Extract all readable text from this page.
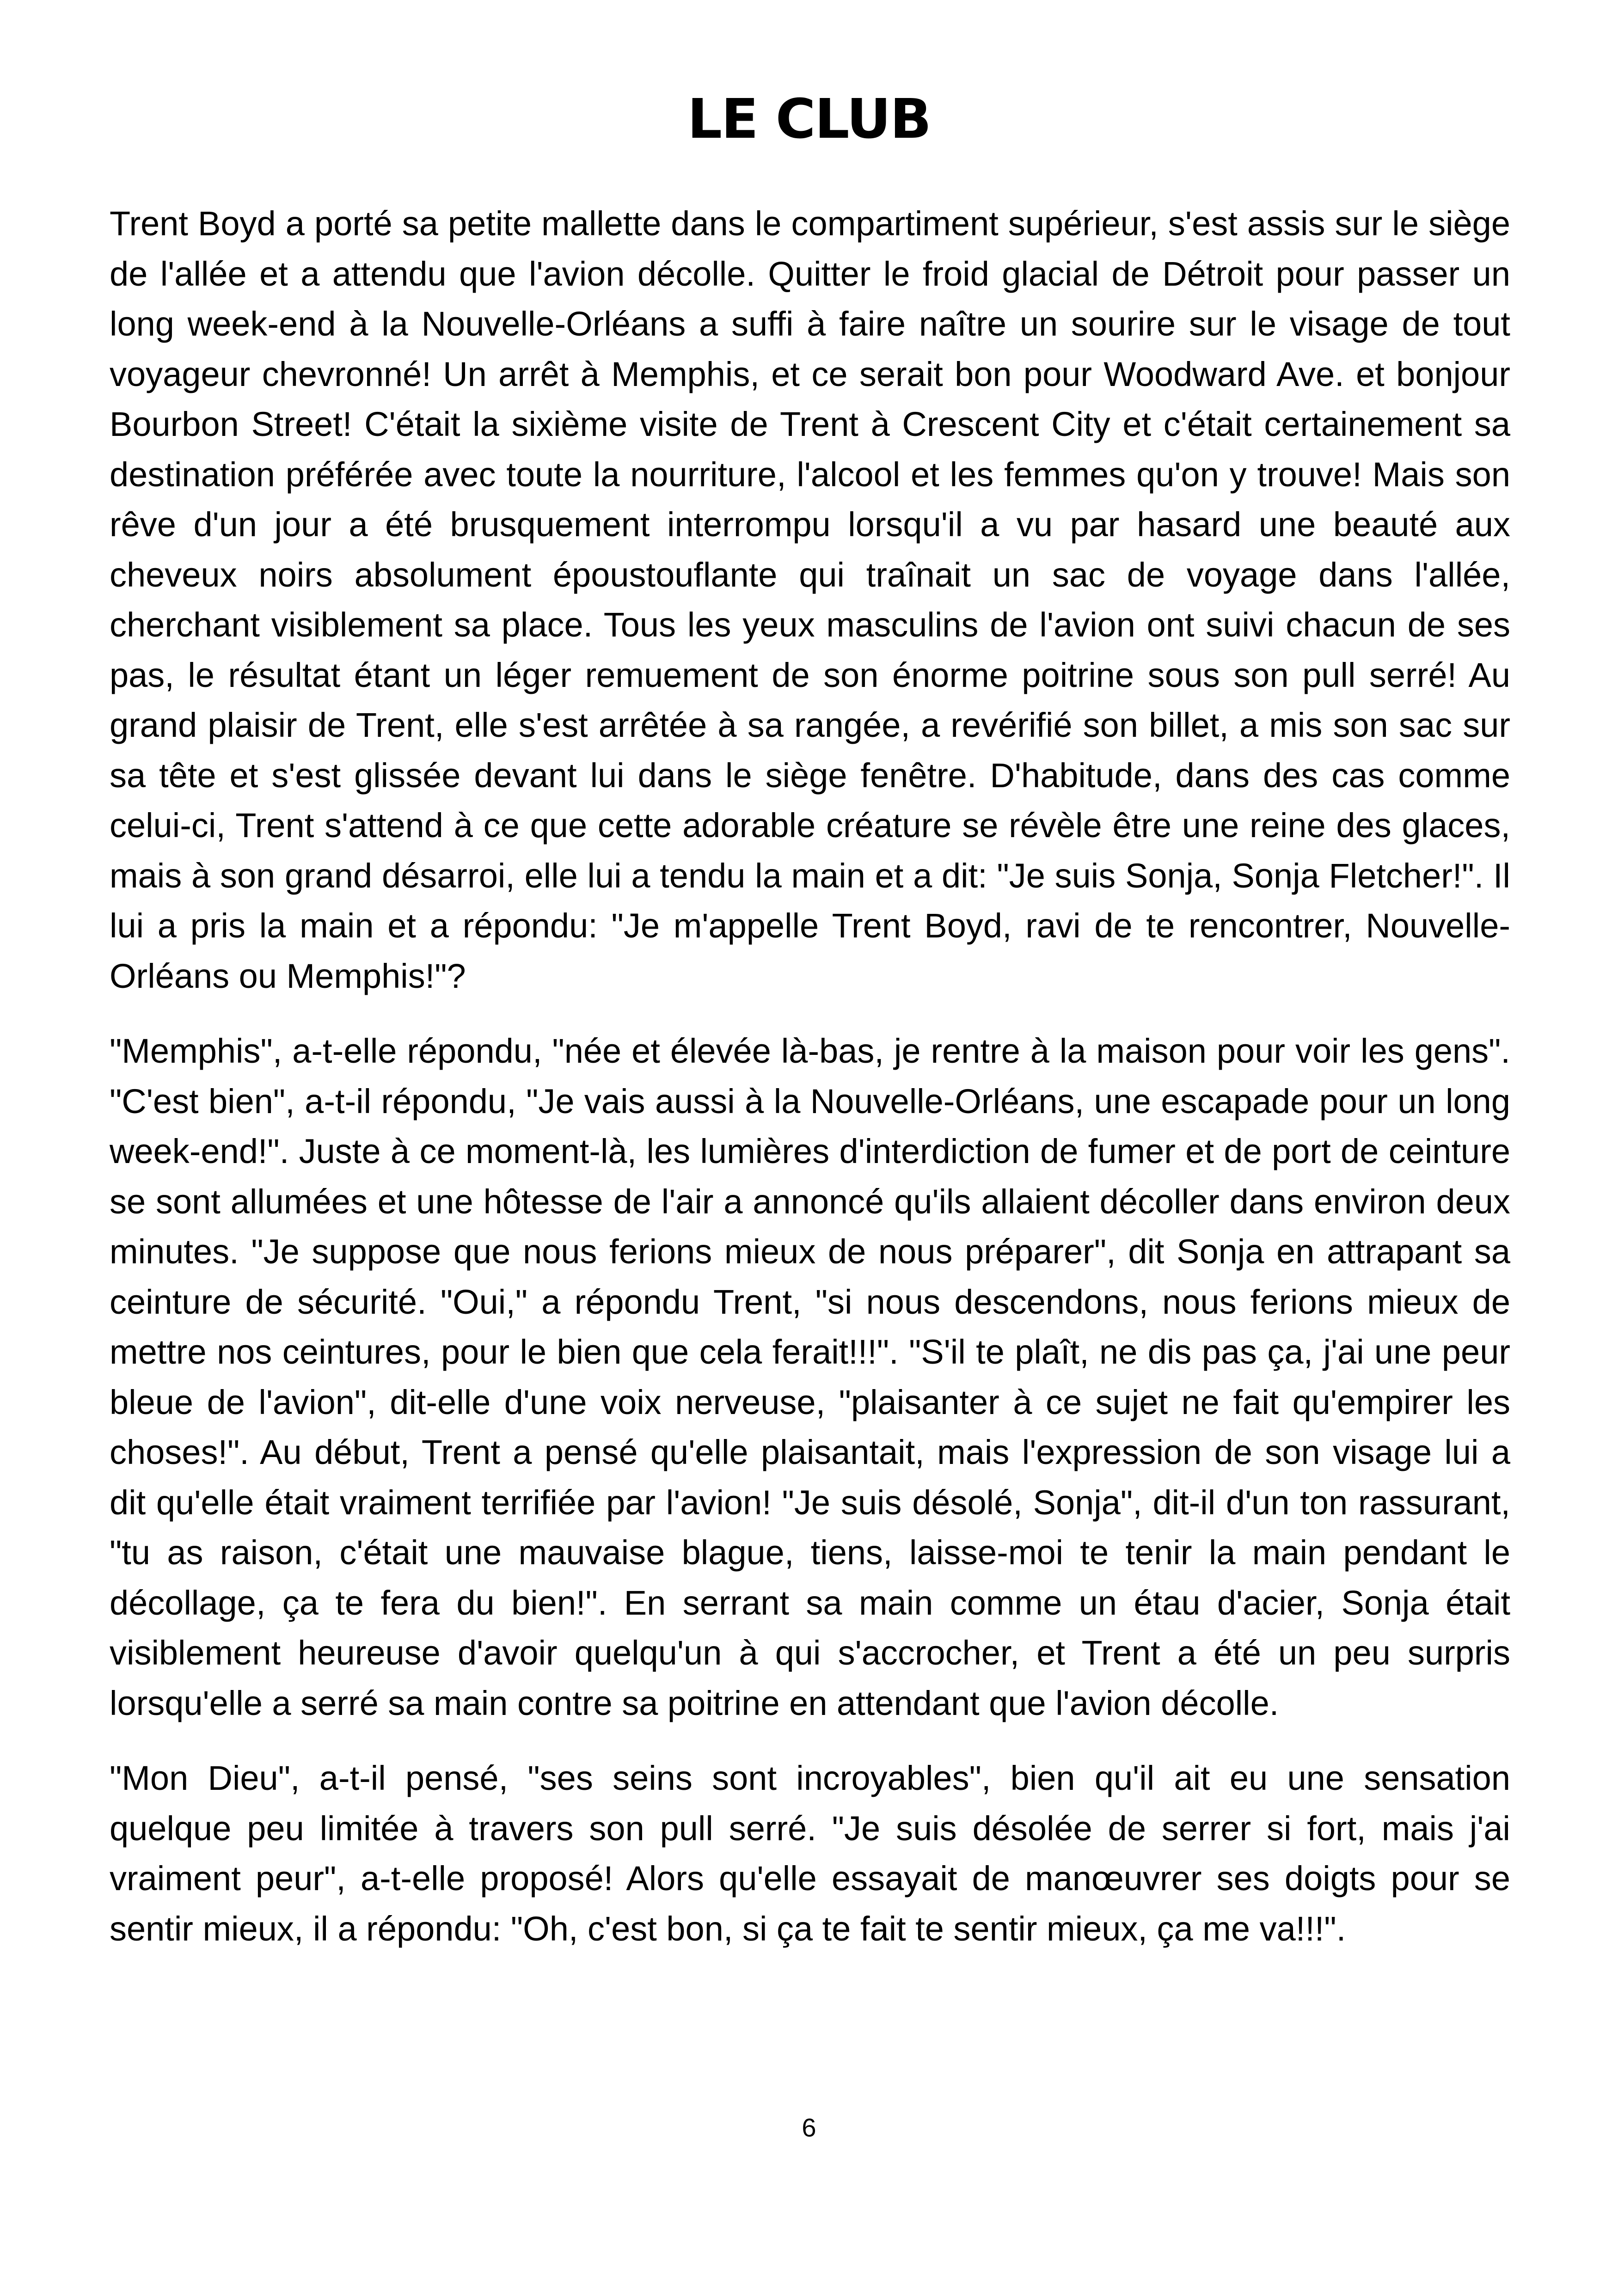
LE CLUB

Trent Boyd a porté sa petite mallette dans le compartiment supérieur, s'est assis sur le siège de l'allée et a attendu que l'avion décolle. Quitter le froid glacial de Détroit pour passer un long week-end à la Nouvelle-Orléans a suffi à faire naître un sourire sur le visage de tout voyageur chevronné! Un arrêt à Memphis, et ce serait bon pour Woodward Ave. et bonjour Bourbon Street! C'était la sixième visite de Trent à Crescent City et c'était certainement sa destination préférée avec toute la nourriture, l'alcool et les femmes qu'on y trouve! Mais son rêve d'un jour a été brusquement interrompu lorsqu'il a vu par hasard une beauté aux cheveux noirs absolument époustouflante qui traînait un sac de voyage dans l'allée, cherchant visiblement sa place. Tous les yeux masculins de l'avion ont suivi chacun de ses pas, le résultat étant un léger remuement de son énorme poitrine sous son pull serré! Au grand plaisir de Trent, elle s'est arrêtée à sa rangée, a revérifié son billet, a mis son sac sur sa tête et s'est glissée devant lui dans le siège fenêtre. D'habitude, dans des cas comme celui-ci, Trent s'attend à ce que cette adorable créature se révèle être une reine des glaces, mais à son grand désarroi, elle lui a tendu la main et a dit: "Je suis Sonja, Sonja Fletcher!". Il lui a pris la main et a répondu: "Je m'appelle Trent Boyd, ravi de te rencontrer, Nouvelle-Orléans ou Memphis!"?

"Memphis", a-t-elle répondu, "née et élevée là-bas, je rentre à la maison pour voir les gens". "C'est bien", a-t-il répondu, "Je vais aussi à la Nouvelle-Orléans, une escapade pour un long week-end!". Juste à ce moment-là, les lumières d'interdiction de fumer et de port de ceinture se sont allumées et une hôtesse de l'air a annoncé qu'ils allaient décoller dans environ deux minutes. "Je suppose que nous ferions mieux de nous préparer", dit Sonja en attrapant sa ceinture de sécurité. "Oui," a répondu Trent, "si nous descendons, nous ferions mieux de mettre nos ceintures, pour le bien que cela ferait!!!". "S'il te plaît, ne dis pas ça, j'ai une peur bleue de l'avion", dit-elle d'une voix nerveuse, "plaisanter à ce sujet ne fait qu'empirer les choses!". Au début, Trent a pensé qu'elle plaisantait, mais l'expression de son visage lui a dit qu'elle était vraiment terrifiée par l'avion! "Je suis désolé, Sonja", dit-il d'un ton rassurant, "tu as raison, c'était une mauvaise blague, tiens, laisse-moi te tenir la main pendant le décollage, ça te fera du bien!". En serrant sa main comme un étau d'acier, Sonja était visiblement heureuse d'avoir quelqu'un à qui s'accrocher, et Trent a été un peu surpris lorsqu'elle a serré sa main contre sa poitrine en attendant que l'avion décolle.

"Mon Dieu", a-t-il pensé, "ses seins sont incroyables", bien qu'il ait eu une sensation quelque peu limitée à travers son pull serré. "Je suis désolée de serrer si fort, mais j'ai vraiment peur", a-t-elle proposé! Alors qu'elle essayait de manœuvrer ses doigts pour se sentir mieux, il a répondu: "Oh, c'est bon, si ça te fait te sentir mieux, ça me va!!!".

6
